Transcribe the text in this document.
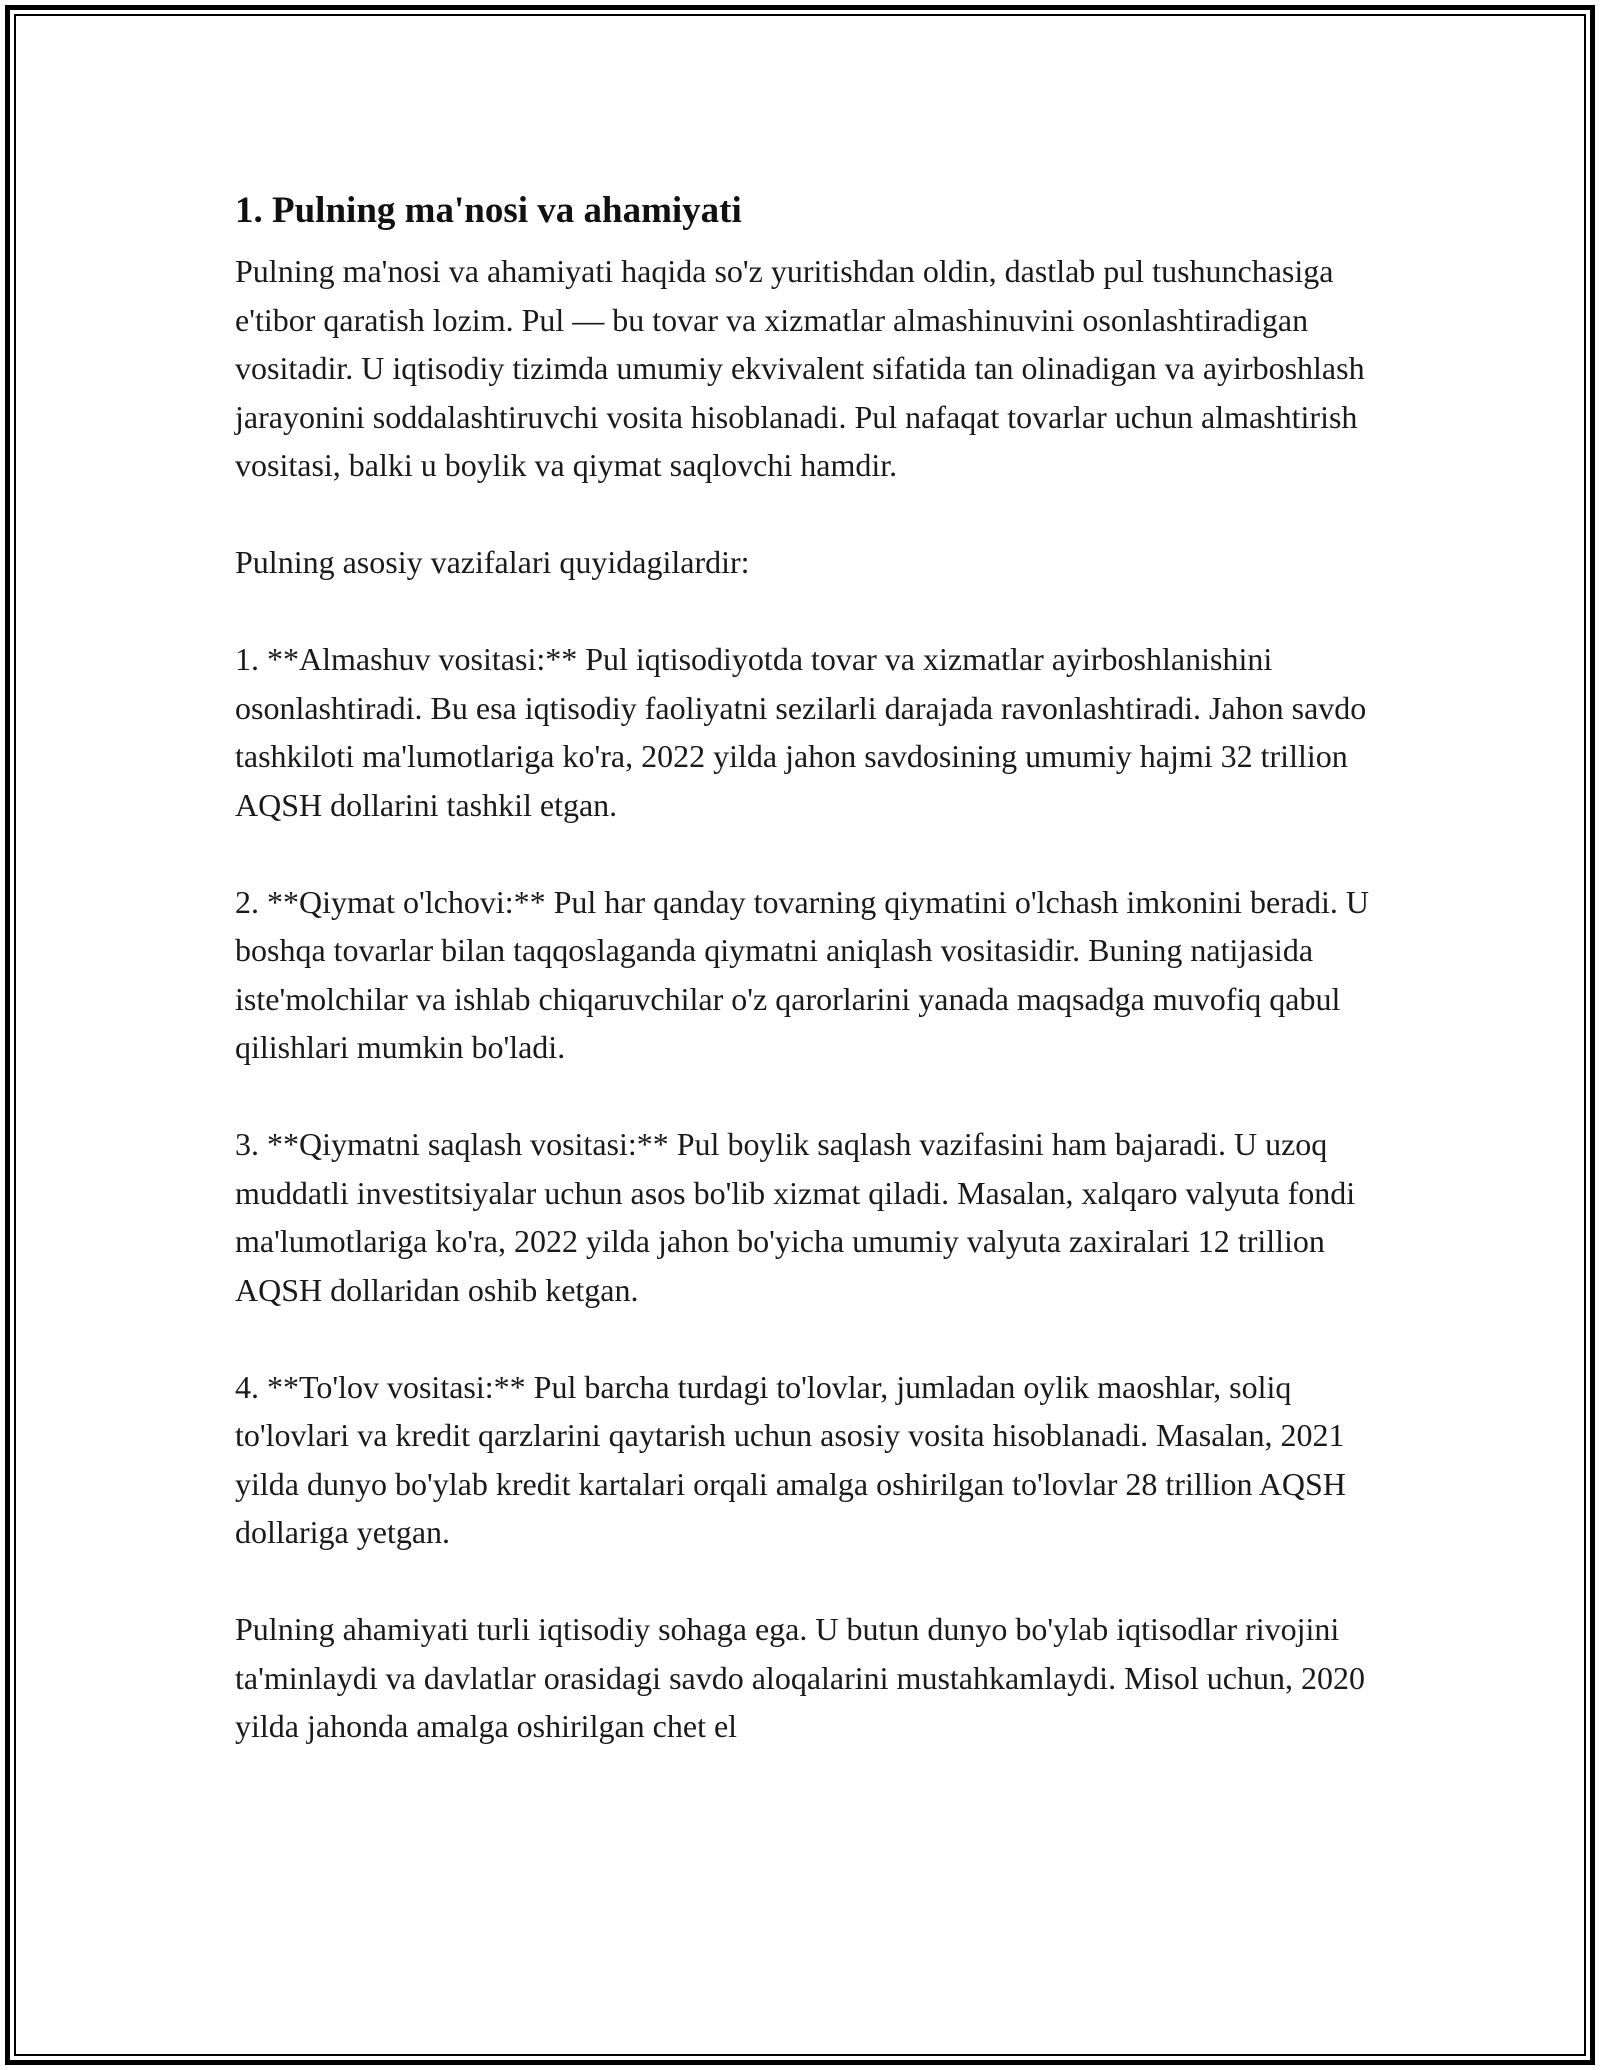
1. Pulning ma'nosi va ahamiyati

Pulning ma'nosi va ahamiyati haqida so'z yuritishdan oldin, dastlab pul tushunchasiga e'tibor qaratish lozim. Pul — bu tovar va xizmatlar almashinuvini osonlashtiradigan vositadir. U iqtisodiy tizimda umumiy ekvivalent sifatida tan olinadigan va ayirboshlash jarayonini soddalashtiruvchi vosita hisoblanadi. Pul nafaqat tovarlar uchun almashtirish vositasi, balki u boylik va qiymat saqlovchi hamdir.

Pulning asosiy vazifalari quyidagilardir:

1. **Almashuv vositasi:** Pul iqtisodiyotda tovar va xizmatlar ayirboshlanishini osonlashtiradi. Bu esa iqtisodiy faoliyatni sezilarli darajada ravonlashtiradi. Jahon savdo tashkiloti ma'lumotlariga ko'ra, 2022 yilda jahon savdosining umumiy hajmi 32 trillion AQSH dollarini tashkil etgan.

2. **Qiymat o'lchovi:** Pul har qanday tovarning qiymatini o'lchash imkonini beradi. U boshqa tovarlar bilan taqqoslaganda qiymatni aniqlash vositasidir. Buning natijasida iste'molchilar va ishlab chiqaruvchilar o'z qarorlarini yanada maqsadga muvofiq qabul qilishlari mumkin bo'ladi.

3. **Qiymatni saqlash vositasi:** Pul boylik saqlash vazifasini ham bajaradi. U uzoq muddatli investitsiyalar uchun asos bo'lib xizmat qiladi. Masalan, xalqaro valyuta fondi ma'lumotlariga ko'ra, 2022 yilda jahon bo'yicha umumiy valyuta zaxiralari 12 trillion AQSH dollaridan oshib ketgan.

4. **To'lov vositasi:** Pul barcha turdagi to'lovlar, jumladan oylik maoshlar, soliq to'lovlari va kredit qarzlarini qaytarish uchun asosiy vosita hisoblanadi. Masalan, 2021 yilda dunyo bo'ylab kredit kartalari orqali amalga oshirilgan to'lovlar 28 trillion AQSH dollariga yetgan.

Pulning ahamiyati turli iqtisodiy sohaga ega. U butun dunyo bo'ylab iqtisodlar rivojini ta'minlaydi va davlatlar orasidagi savdo aloqalarini mustahkamlaydi. Misol uchun, 2020 yilda jahonda amalga oshirilgan chet el
